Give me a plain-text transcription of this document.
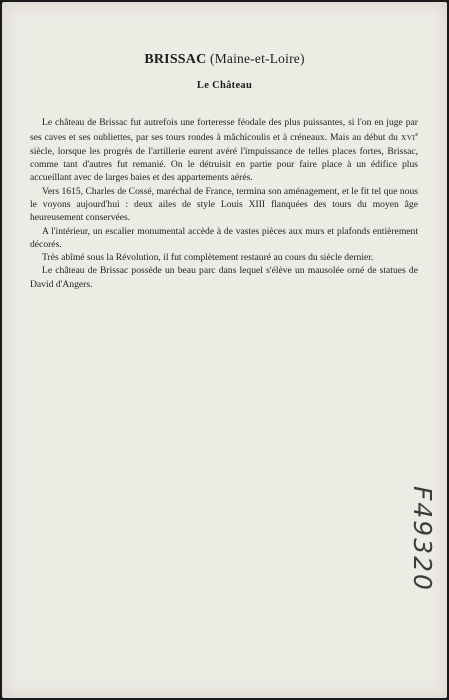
BRISSAC (Maine-et-Loire)
Le Château

Le château de Brissac fut autrefois une forteresse féodale des plus puissantes, si l'on en juge par ses caves et ses oubliettes, par ses tours rondes à mâchicoulis et à créneaux. Mais au début du XVIe siècle, lorsque les progrès de l'artillerie eurent avéré l'impuissance de telles places fortes, Brissac, comme tant d'autres fut remanié. On le détruisit en partie pour faire place à un édifice plus accueillant avec de larges baies et des appartements aérés.

Vers 1615, Charles de Cossé, maréchal de France, termina son aménagement, et le fit tel que nous le voyons aujourd'hui : deux ailes de style Louis XIII flanquées des tours du moyen âge heureusement conservées.

A l'intérieur, un escalier monumental accède à de vastes pièces aux murs et plafonds entièrement décorés.

Très abîmé sous la Révolution, il fut complètement restauré au cours du siècle dernier.

Le château de Brissac possède un beau parc dans lequel s'élève un mausolée orné de statues de David d'Angers.

F49320
